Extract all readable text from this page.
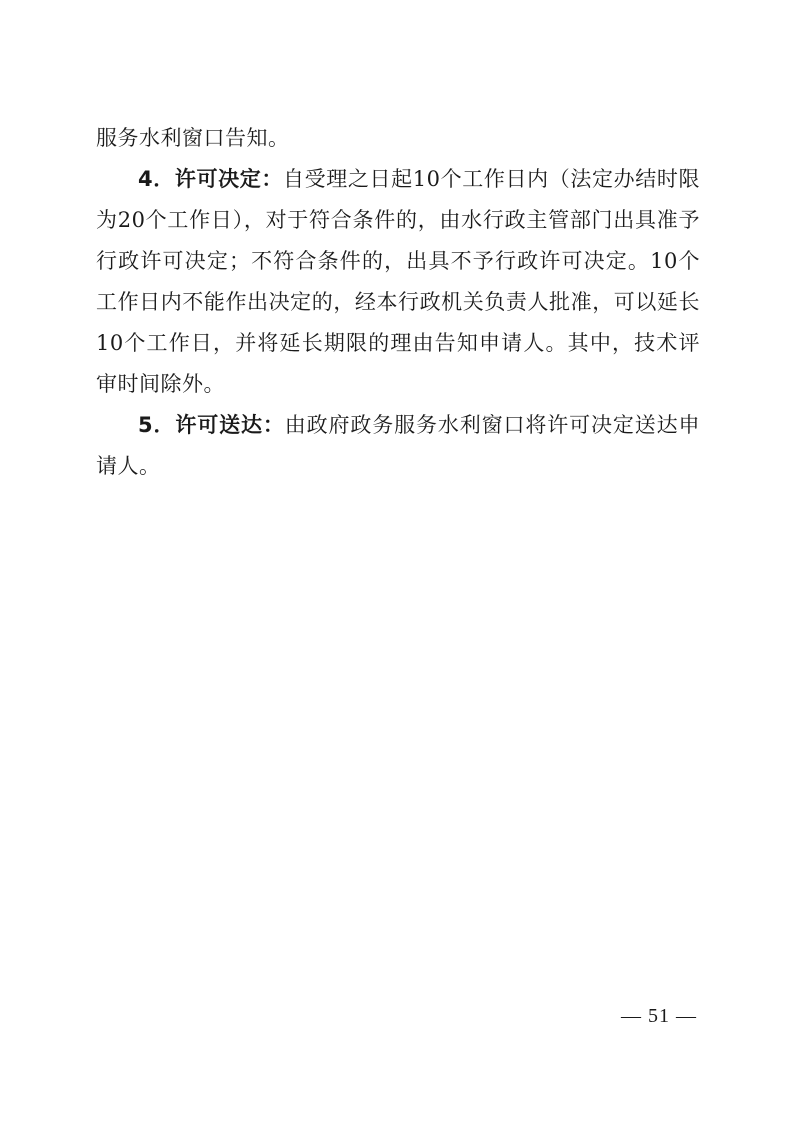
服务水利窗口告知。

4．许可决定：自受理之日起10个工作日内（法定办结时限为20个工作日），对于符合条件的，由水行政主管部门出具准予行政许可决定；不符合条件的，出具不予行政许可决定。10个工作日内不能作出决定的，经本行政机关负责人批准，可以延长10个工作日，并将延长期限的理由告知申请人。其中，技术评审时间除外。

5．许可送达：由政府政务服务水利窗口将许可决定送达申请人。

— 51 —
